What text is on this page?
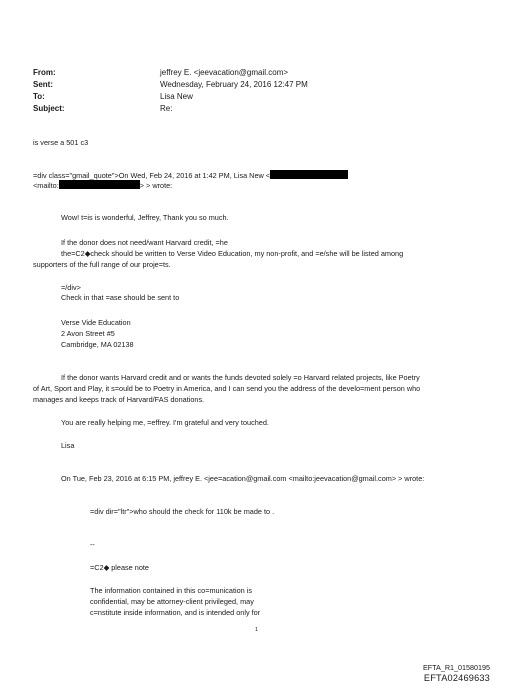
From:	jeffrey E. <jeevacation@gmail.com>
Sent:	Wednesday, February 24, 2016 12:47 PM
To:	Lisa New
Subject:	Re:
is verse a 501 c3
=div class="gmail_quote">On Wed, Feb 24, 2016 at 1:42 PM, Lisa New <
<mailto:	> > wrote:
Wow! t=is is wonderful, Jeffrey, Thank you so much.
If the donor does not need/want Harvard credit, =he
the=C2◆check should be written to Verse Video Education, my non-profit, and =e/she will be listed among
supporters of the full range of our proje=ts.
=/div>
Check in that =ase should be sent to
Verse Vide Education
2 Avon Street #5
Cambridge, MA 02138
If the donor wants Harvard credit and or wants the funds devoted solely =o Harvard related projects, like Poetry
of Art, Sport and Play, it s=ould be to Poetry in America, and I can send you the address of the develo=ment person who
manages and keeps track of Harvard/FAS donations.
You are really helping me, =effrey. I'm grateful and very touched.
Lisa
On Tue, Feb 23, 2016 at 6:15 PM, jeffrey E. <jee=acation@gmail.com <mailto:jeevacation@gmail.com> > wrote:
=div dir="ltr">who should the check for 110k be made to .
--
=C2◆ please note
The information contained in this co=munication is
confidential, may be attorney-client privileged, may
c=nstitute inside information, and is intended only for
1
EFTA_R1_01580195
EFTA02469633
